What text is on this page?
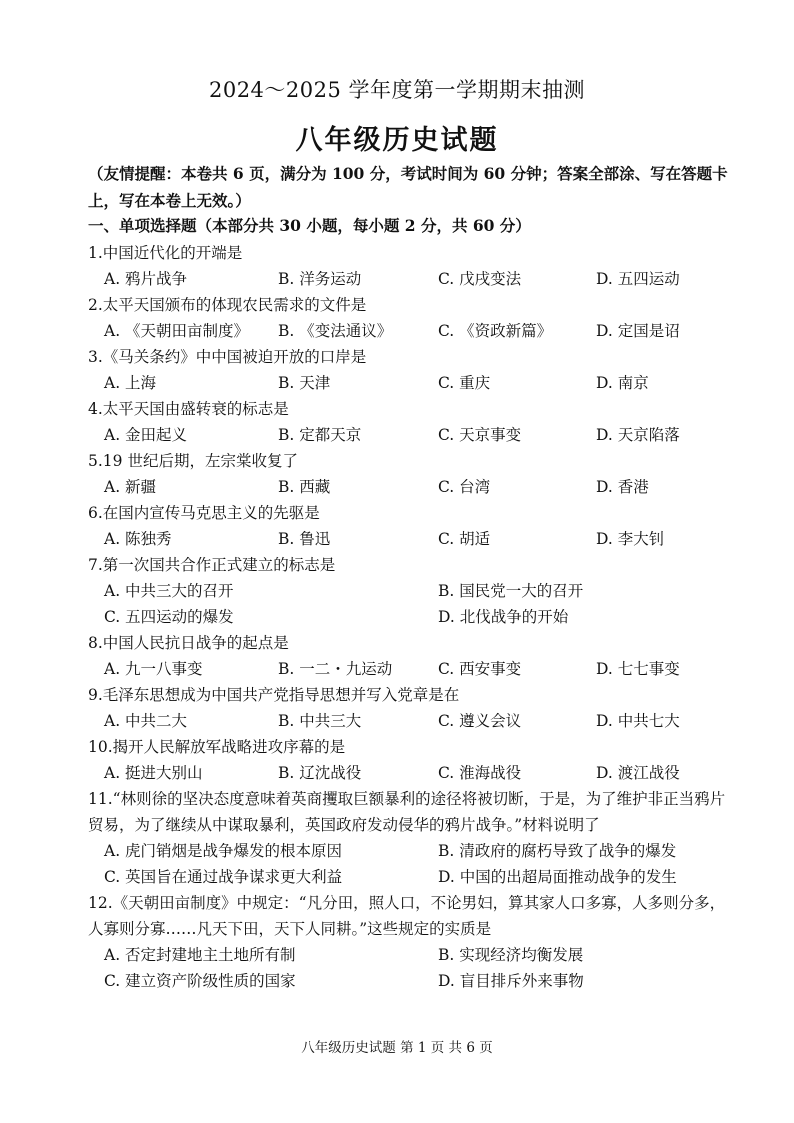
2024～2025 学年度第一学期期末抽测
八年级历史试题
（友情提醒：本卷共 6 页，满分为 100 分，考试时间为 60 分钟；答案全部涂、写在答题卡上，写在本卷上无效。）
一、单项选择题（本部分共 30 小题，每小题 2 分，共 60 分）
1.中国近代化的开端是
A. 鸦片战争	B. 洋务运动	C. 戊戌变法	D. 五四运动
2.太平天国颁布的体现农民需求的文件是
A. 《天朝田亩制度》 B. 《变法通议》	C. 《资政新篇》	D. 定国是诏
3.《马关条约》中中国被迫开放的口岸是
A. 上海	B. 天津	C. 重庆	D. 南京
4.太平天国由盛转衰的标志是
A. 金田起义	B. 定都天京	C. 天京事变	D. 天京陷落
5.19 世纪后期，左宗棠收复了
A. 新疆	B. 西藏	C. 台湾	D. 香港
6.在国内宣传马克思主义的先驱是
A. 陈独秀	B. 鲁迅	C. 胡适	D. 李大钊
7.第一次国共合作正式建立的标志是
A. 中共三大的召开	B. 国民党一大的召开
C. 五四运动的爆发	D. 北伐战争的开始
8.中国人民抗日战争的起点是
A. 九一八事变	B. 一二・九运动	C. 西安事变	D. 七七事变
9.毛泽东思想成为中国共产党指导思想并写入党章是在
A. 中共二大	B. 中共三大	C. 遵义会议	D. 中共七大
10.揭开人民解放军战略进攻序幕的是
A. 挺进大别山	B. 辽沈战役	C. 淮海战役	D. 渡江战役
11.“林则徐的坚决态度意味着英商攫取巨额暴利的途径将被切断，于是，为了维护非正当鸦片贸易，为了继续从中谋取暴利，英国政府发动侵华的鸦片战争。”材料说明了
A. 虎门销烟是战争爆发的根本原因	B. 清政府的腐朽导致了战争的爆发
C. 英国旨在通过战争谋求更大利益	D. 中国的出超局面推动战争的发生
12.《天朝田亩制度》中规定：“凡分田，照人口，不论男妇，算其家人口多寡，人多则分多，人寡则分寡……凡天下田，天下人同耕。”这些规定的实质是
A. 否定封建地主土地所有制	B. 实现经济均衡发展
C. 建立资产阶级性质的国家	D. 盲目排斥外来事物
八年级历史试题 第 1 页 共 6 页
